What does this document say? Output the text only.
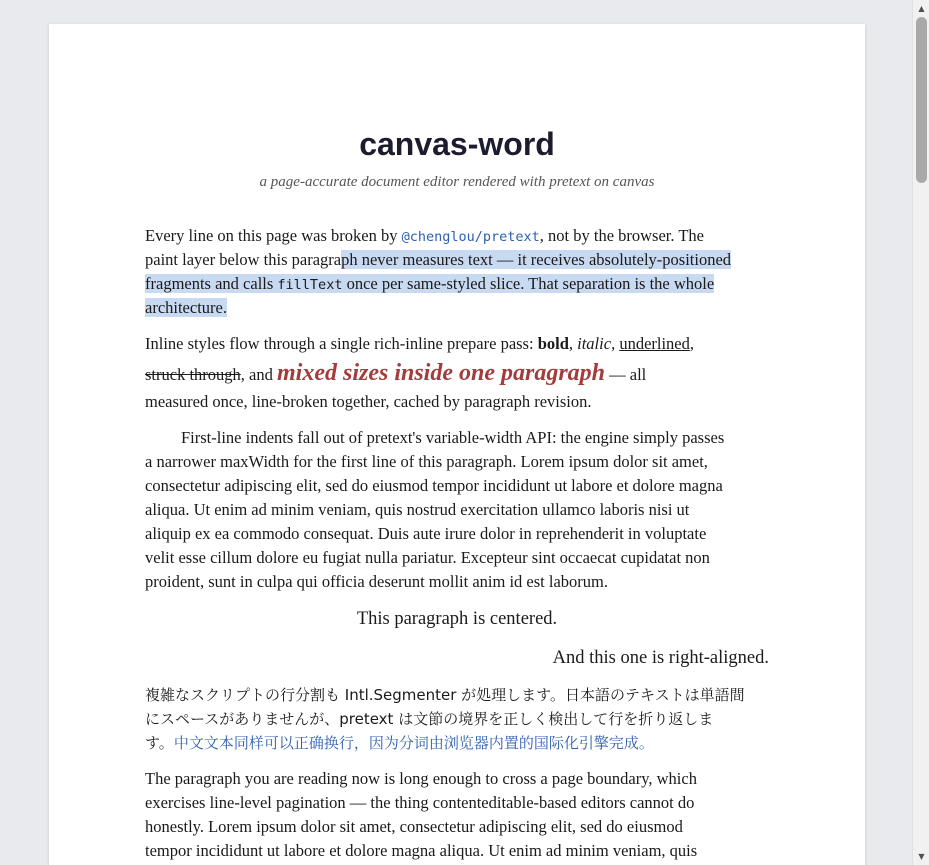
canvas-word
a page-accurate document editor rendered with pretext on canvas
Every line on this page was broken by @chenglou/pretext, not by the browser. The
paint layer below this paragraph never measures text — it receives absolutely-positioned
fragments and calls fillText once per same-styled slice. That separation is the whole
architecture.
Inline styles flow through a single rich-inline prepare pass: bold, italic, underlined,
struck through, and mixed sizes inside one paragraph — all
measured once, line-broken together, cached by paragraph revision.
First-line indents fall out of pretext's variable-width API: the engine simply passes
a narrower maxWidth for the first line of this paragraph. Lorem ipsum dolor sit amet,
consectetur adipiscing elit, sed do eiusmod tempor incididunt ut labore et dolore magna
aliqua. Ut enim ad minim veniam, quis nostrud exercitation ullamco laboris nisi ut
aliquip ex ea commodo consequat. Duis aute irure dolor in reprehenderit in voluptate
velit esse cillum dolore eu fugiat nulla pariatur. Excepteur sint occaecat cupidatat non
proident, sunt in culpa qui officia deserunt mollit anim id est laborum.
This paragraph is centered.
And this one is right-aligned.
複雑なスクリプトの行分割も Intl.Segmenter が処理します。日本語のテキストは単語間
にスペースがありませんが、pretext は文節の境界を正しく検出して行を折り返しま
す。中文文本同样可以正确换行，因为分词由浏览器内置的国际化引擎完成。
The paragraph you are reading now is long enough to cross a page boundary, which
exercises line-level pagination — the thing contenteditable-based editors cannot do
honestly. Lorem ipsum dolor sit amet, consectetur adipiscing elit, sed do eiusmod
tempor incididunt ut labore et dolore magna aliqua. Ut enim ad minim veniam, quis
▲
▼
